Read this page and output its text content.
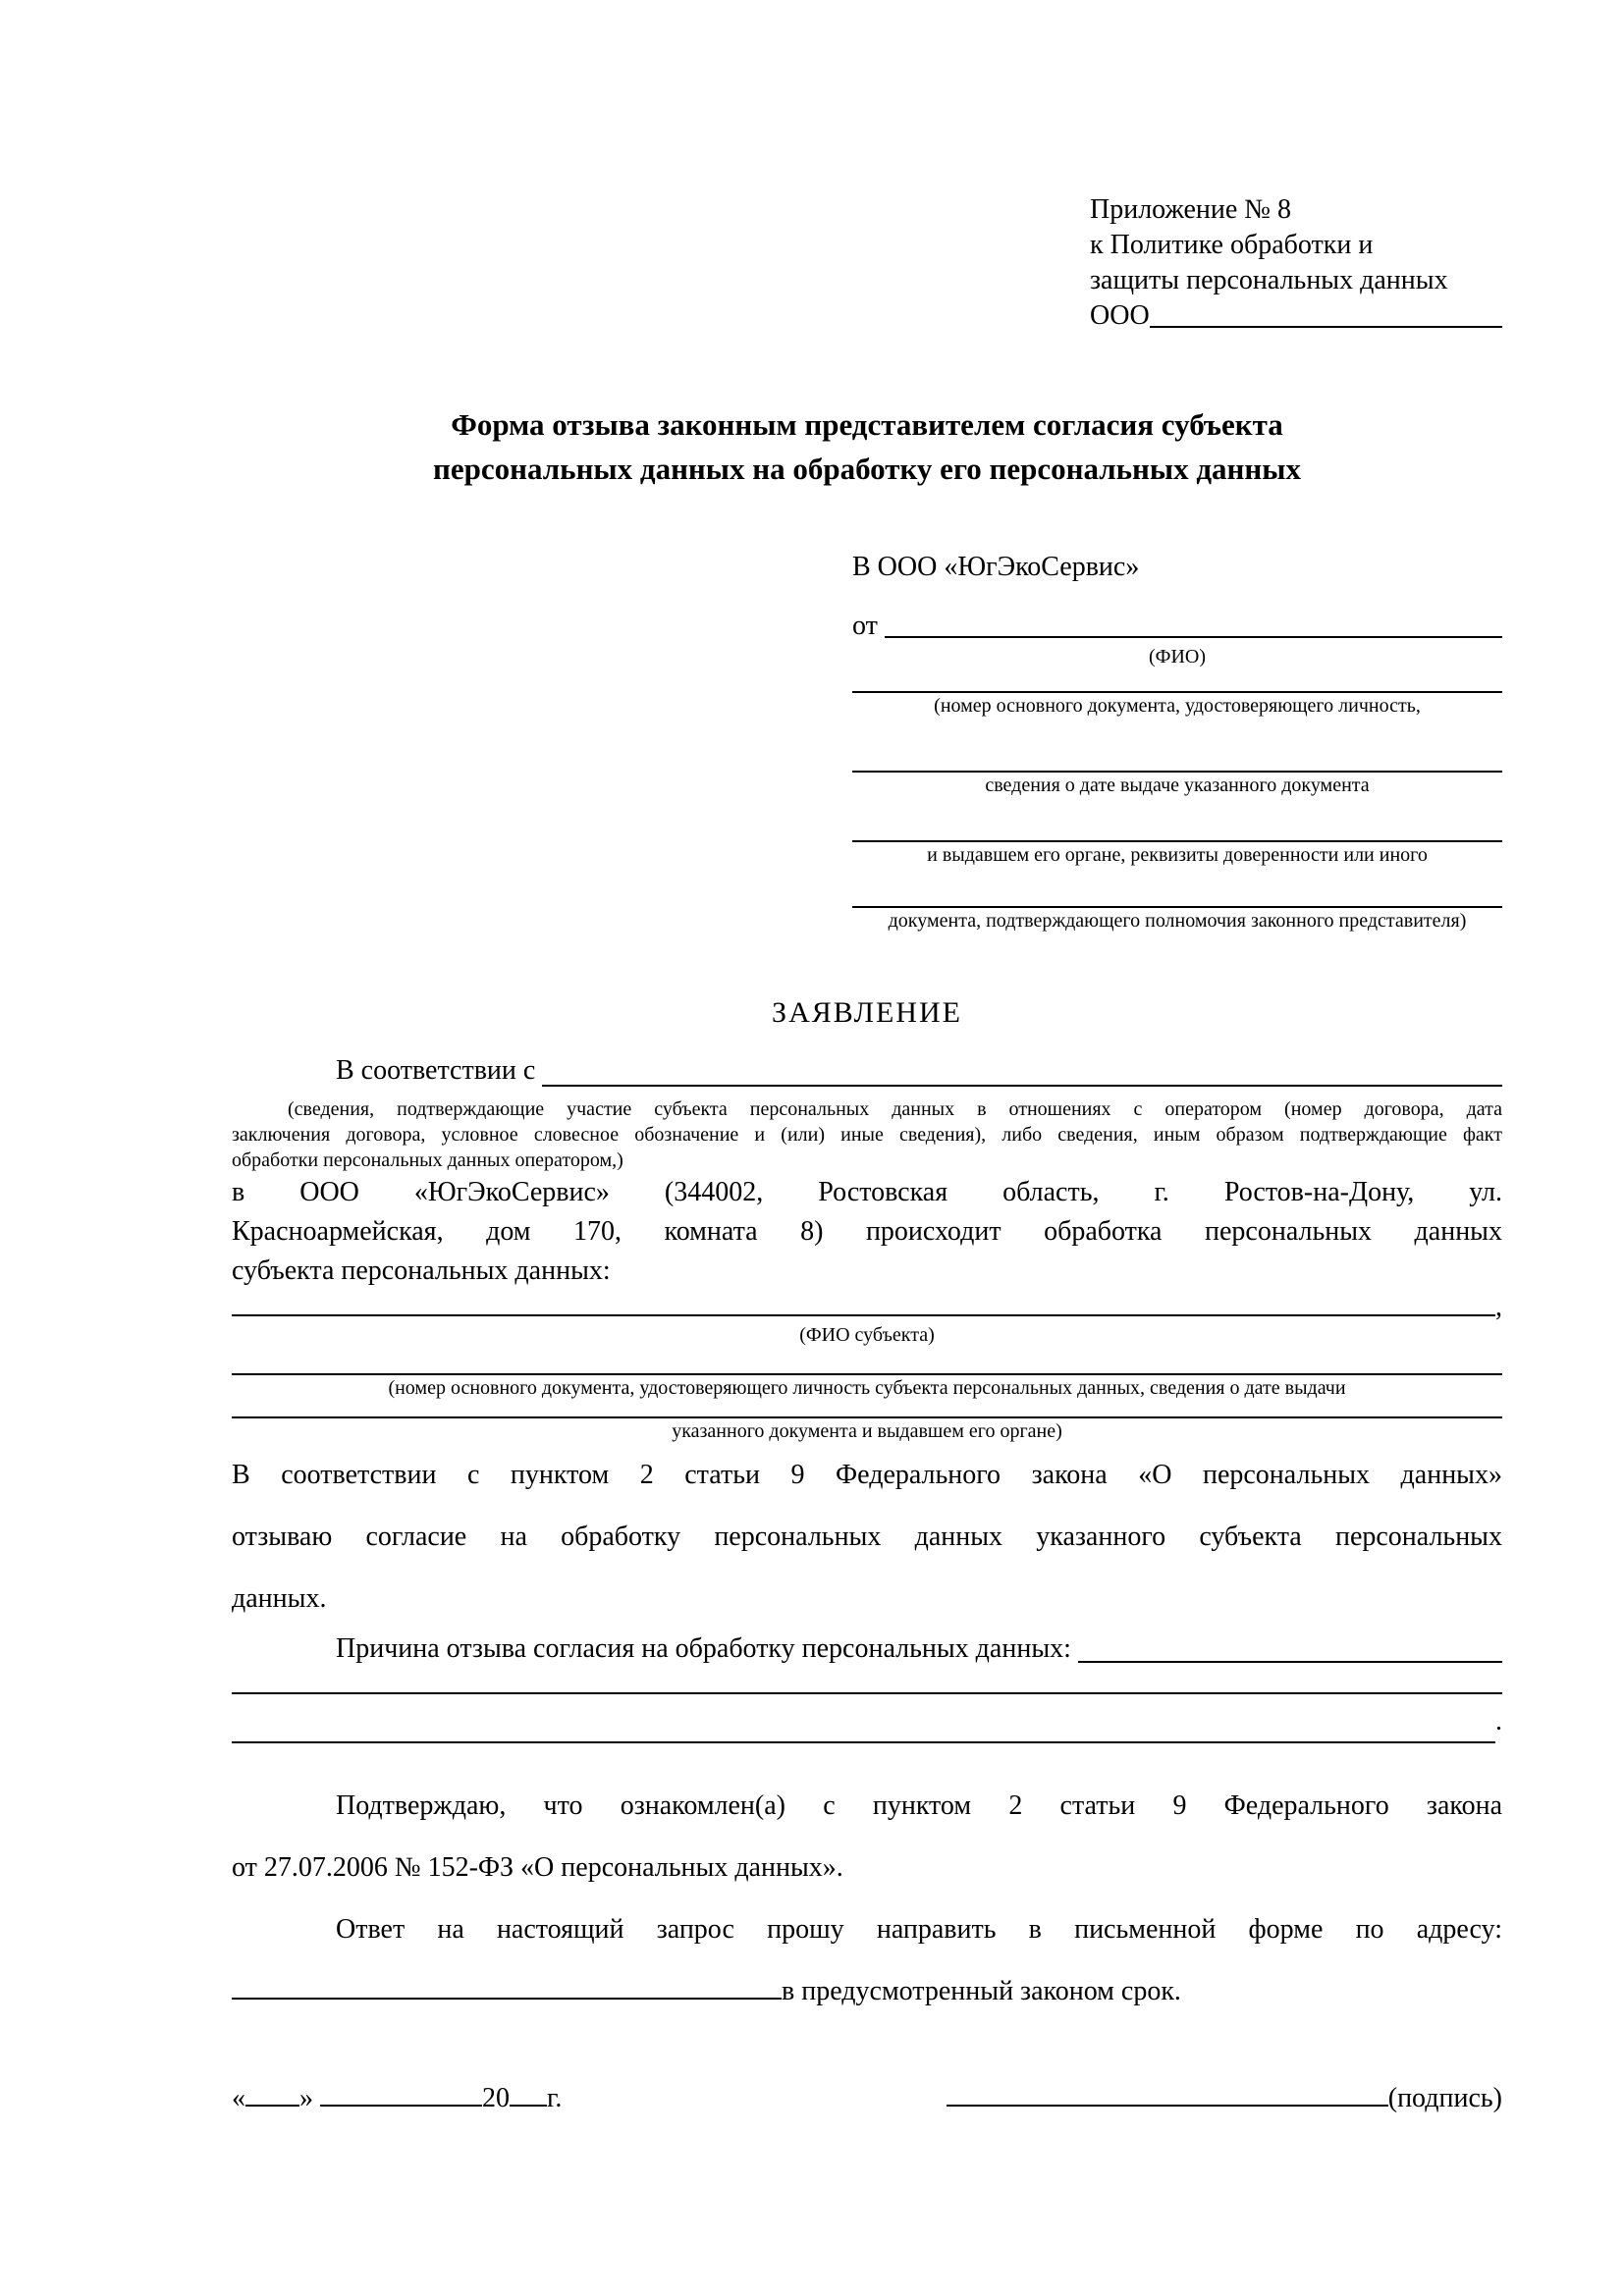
Приложение № 8
к Политике обработки и
защиты персональных данных
ООО
Форма отзыва законным представителем согласия субъекта
персональных данных на обработку его персональных данных
В ООО «ЮгЭкоСервис»
от
(ФИО)
(номер основного документа, удостоверяющего личность,
сведения о дате выдаче указанного документа
и выдавшем его органе, реквизиты доверенности или иного
документа, подтверждающего полномочия законного представителя)
ЗАЯВЛЕНИЕ
В соответствии с
(сведения, подтверждающие участие субъекта персональных данных в отношениях с оператором (номер договора, дата
заключения договора, условное словесное обозначение и (или) иные сведения), либо сведения, иным образом подтверждающие факт
обработки персональных данных оператором,)
в ООО «ЮгЭкоСервис» (344002, Ростовская область, г. Ростов-на-Дону, ул.
Красноармейская, дом 170, комната 8) происходит обработка персональных данных
субъекта персональных данных:
,
(ФИО субъекта)
(номер основного документа, удостоверяющего личность субъекта персональных данных, сведения о дате выдачи
указанного документа и выдавшем его органе)
В соответствии с пунктом 2 статьи 9 Федерального закона «О персональных данных»
отзываю согласие на обработку персональных данных указанного субъекта персональных
данных.
Причина отзыва согласия на обработку персональных данных:
.
Подтверждаю, что ознакомлен(а) с пунктом 2 статьи 9 Федерального закона
от 27.07.2006 № 152-ФЗ «О персональных данных».
Ответ на настоящий запрос прошу направить в письменной форме по адресу:
в предусмотренный законом срок.
« »	20 г.	(подпись)
